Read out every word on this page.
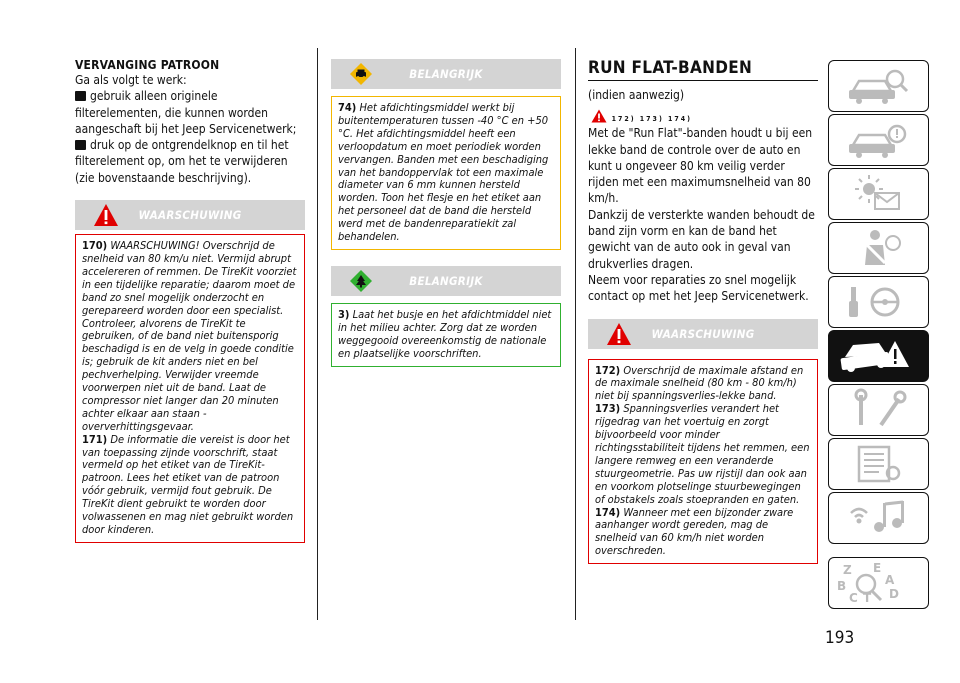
VERVANGING PATROON

Ga als volgt te werk:

gebruik alleen originele filterelementen, die kunnen worden aangeschaft bij het Jeep Servicenetwerk;
druk op de ontgrendelknop en til het filterelement op, om het te verwijderen (zie bovenstaande beschrijving).
WAARSCHUWING

170) WAARSCHUWING! Overschrijd de snelheid van 80 km/u niet. Vermijd abrupt accelereren of remmen. De TireKit voorziet in een tijdelijke reparatie; daarom moet de band zo snel mogelijk onderzocht en gerepareerd worden door een specialist. Controleer, alvorens de TireKit te gebruiken, of de band niet buitensporig beschadigd is en de velg in goede conditie is; gebruik de kit anders niet en bel pechverhelping. Verwijder vreemde voorwerpen niet uit de band. Laat de compressor niet langer dan 20 minuten achter elkaar aan staan - oververhittingsgevaar.

171) De informatie die vereist is door het van toepassing zijnde voorschrift, staat vermeld op het etiket van de TireKit-patroon. Lees het etiket van de patroon vóór gebruik, vermijd fout gebruik. De TireKit dient gebruikt te worden door volwassenen en mag niet gebruikt worden door kinderen.

BELANGRIJK

74) Het afdichtingsmiddel werkt bij buitentemperaturen tussen -40 °C en +50 °C. Het afdichtingsmiddel heeft een verloopdatum en moet periodiek worden vervangen. Banden met een beschadiging van het bandoppervlak tot een maximale diameter van 6 mm kunnen hersteld worden. Toon het flesje en het etiket aan het personeel dat de band die hersteld werd met de bandenreparatiekit zal behandelen.

BELANGRIJK

3) Laat het busje en het afdichtmiddel niet in het milieu achter. Zorg dat ze worden weggegooid overeenkomstig de nationale en plaatselijke voorschriften.

RUN FLAT-BANDEN

(indien aanwezig)

172) 173) 174)

Met de "Run Flat"-banden houdt u bij een lekke band de controle over de auto en kunt u ongeveer 80 km veilig verder rijden met een maximumsnelheid van 80 km/h.

Dankzij de versterkte wanden behoudt de band zijn vorm en kan de band het gewicht van de auto ook in geval van drukverlies dragen.

Neem voor reparaties zo snel mogelijk contact op met het Jeep Servicenetwerk.

WAARSCHUWING

172) Overschrijd de maximale afstand en de maximale snelheid (80 km - 80 km/h) niet bij spanningsverlies-lekke band.

173) Spanningsverlies verandert het rijgedrag van het voertuig en zorgt bijvoorbeeld voor minder richtingsstabiliteit tijdens het remmen, een langere remweg en een veranderde stuurgeometrie. Pas uw rijstijl dan ook aan en voorkom plotselinge stuurbewegingen of obstakels zoals stoepranden en gaten.

174) Wanneer met een bijzonder zware aanhanger wordt gereden, mag de snelheid van 60 km/h niet worden overschreden.

Z E
B	A
C T D
193
